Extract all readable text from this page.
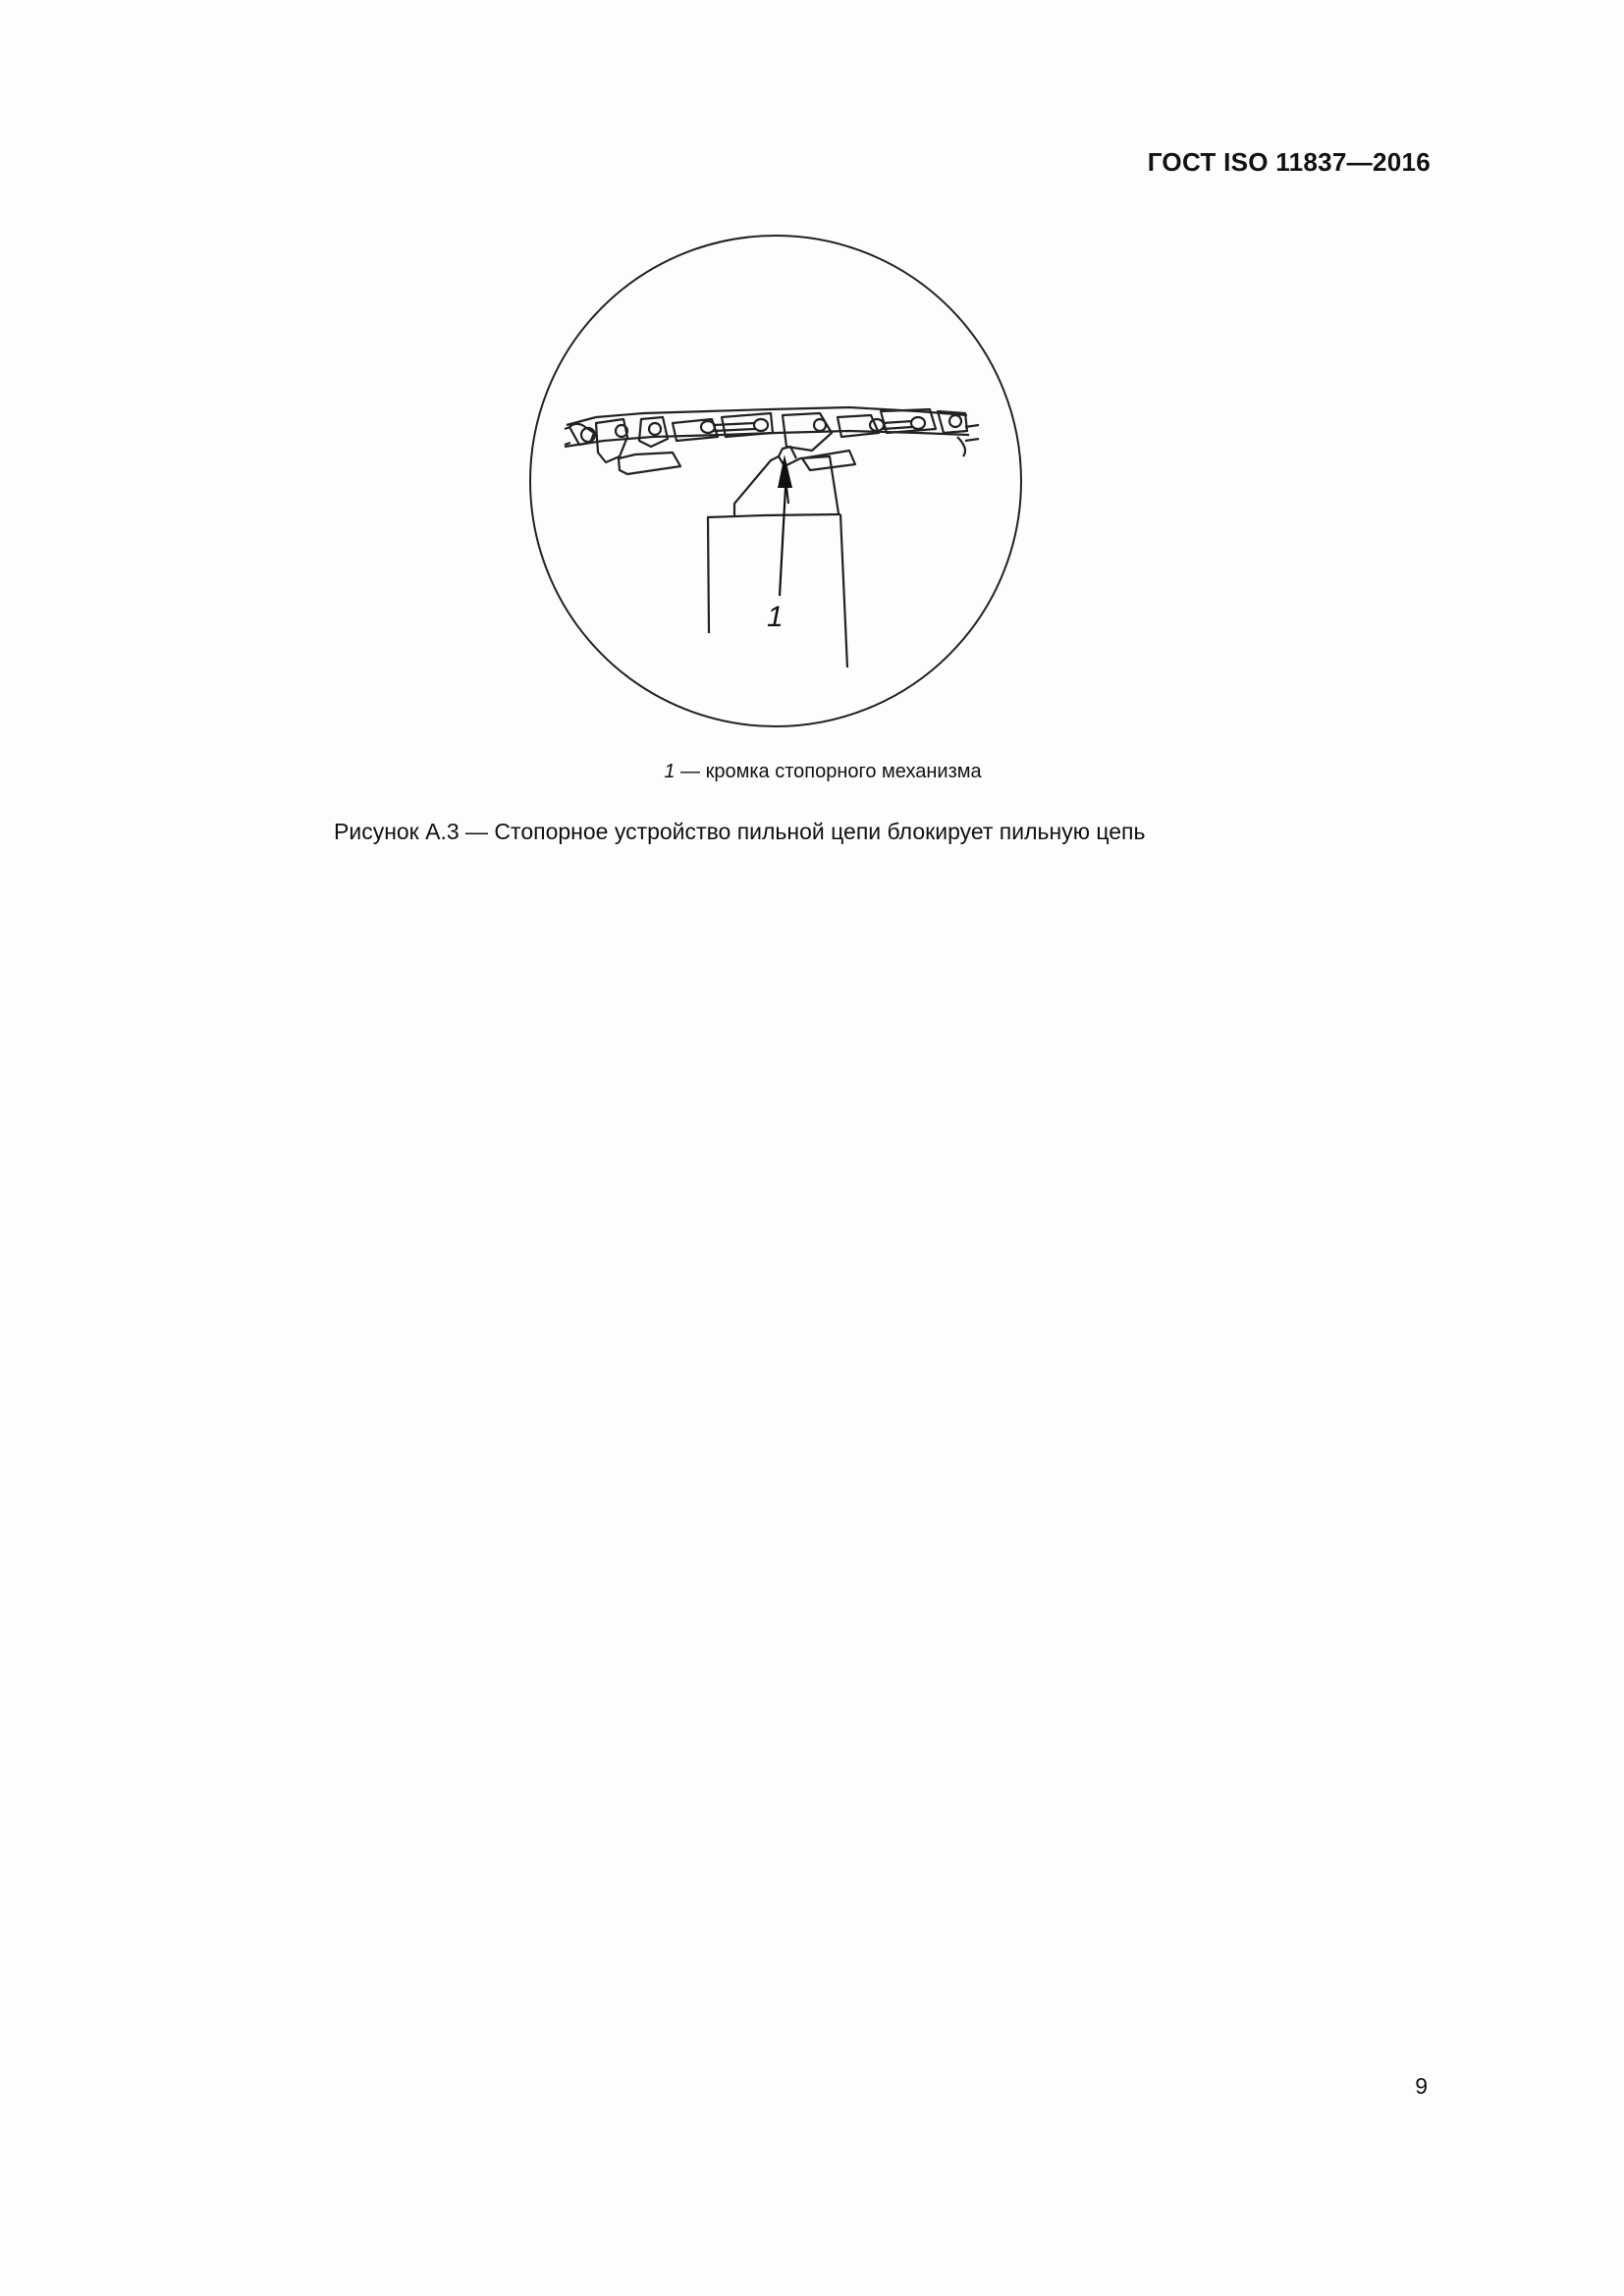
ГОСТ ISO 11837—2016
1
1 — кромка стопорного механизма
Рисунок А.3 — Стопорное устройство пильной цепи блокирует пильную цепь
9
